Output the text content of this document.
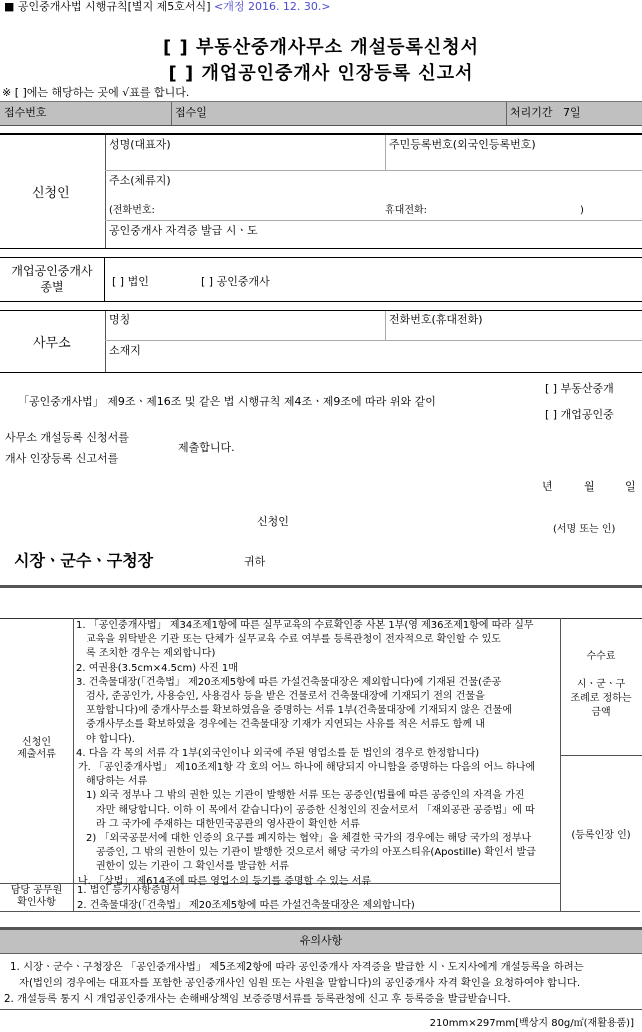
■ 공인중개사법 시행규칙[별지 제5호서식] <개정 2016. 12. 30.>
[ ] 부동산중개사무소 개설등록신청서
[ ] 개업공인중개사 인장등록 신고서
※ [ ]에는 해당하는 곳에 √표를 합니다.
접수번호	접수일	처리기간 7일
신청인
성명(대표자)	주민등록번호(외국인등록번호)
주소(체류지)
(전화번호:	휴대전화:	)
공인중개사 자격증 발급 시ㆍ도
개업공인중개사
종별	[ ] 법인	[ ] 공인중개사
사무소
명칭	전화번호(휴대전화)
소재지
「공인중개사법」 제9조ㆍ제16조 및 같은 법 시행규칙 제4조ㆍ제9조에 따라 위와 같이
[ ] 부동산중개
[ ] 개업공인중
사무소 개설등록 신청서를
개사 인장등록 신고서를
제출합니다.
년	월	일
신청인
(서명 또는 인)
시장ㆍ군수ㆍ구청장	귀하
신청인
제출서류
1. 「공인중개사법」 제34조제1항에 따른 실무교육의 수료확인증 사본 1부(영 제36조제1항에 따라 실무
교육을 위탁받은 기관 또는 단체가 실무교육 수료 여부를 등록관청이 전자적으로 확인할 수 있도
록 조치한 경우는 제외합니다)
2. 여권용(3.5cm×4.5cm) 사진 1매
3. 건축물대장(「건축법」 제20조제5항에 따른 가설건축물대장은 제외합니다)에 기재된 건물(준공
검사, 준공인가, 사용승인, 사용검사 등을 받은 건물로서 건축물대장에 기재되기 전의 건물을
포함합니다)에 중개사무소를 확보하였음을 증명하는 서류 1부(건축물대장에 기재되지 않은 건물에
중개사무소를 확보하였을 경우에는 건축물대장 기재가 지연되는 사유를 적은 서류도 함께 내
야 합니다).
4. 다음 각 목의 서류 각 1부(외국인이나 외국에 주된 영업소를 둔 법인의 경우로 한정합니다)
가. 「공인중개사법」 제10조제1항 각 호의 어느 하나에 해당되지 아니함을 증명하는 다음의 어느 하나에
해당하는 서류
1) 외국 정부나 그 밖의 권한 있는 기관이 발행한 서류 또는 공증인(법률에 따른 공증인의 자격을 가진
자만 해당합니다. 이하 이 목에서 같습니다)이 공증한 신청인의 진술서로서 「재외공관 공증법」에 따
라 그 국가에 주재하는 대한민국공관의 영사관이 확인한 서류
2) 「외국공문서에 대한 인증의 요구를 폐지하는 협약」을 체결한 국가의 경우에는 해당 국가의 정부나
공증인, 그 밖의 권한이 있는 기관이 발행한 것으로서 해당 국가의 아포스티유(Apostille) 확인서 발급
권한이 있는 기관이 그 확인서를 발급한 서류
나. 「상법」 제614조에 따른 영업소의 등기를 증명할 수 있는 서류
수수료
시ㆍ군ㆍ구
조례로 정하는
금액
(등록인장 인)
담당 공무원
확인사항
1. 법인 등기사항증명서
2. 건축물대장(「건축법」 제20조제5항에 따른 가설건축물대장은 제외합니다)
유의사항
1. 시장ㆍ군수ㆍ구청장은 「공인중개사법」 제5조제2항에 따라 공인중개사 자격증을 발급한 시ㆍ도지사에게 개설등록을 하려는
자(법인의 경우에는 대표자를 포함한 공인중개사인 임원 또는 사원을 말합니다)의 공인중개사 자격 확인을 요청하여야 합니다.
2. 개설등록 통지 시 개업공인중개사는 손해배상책임 보증증명서류를 등록관청에 신고 후 등록증을 발급받습니다.
210mm×297mm[백상지 80g/㎡(재활용품)]
